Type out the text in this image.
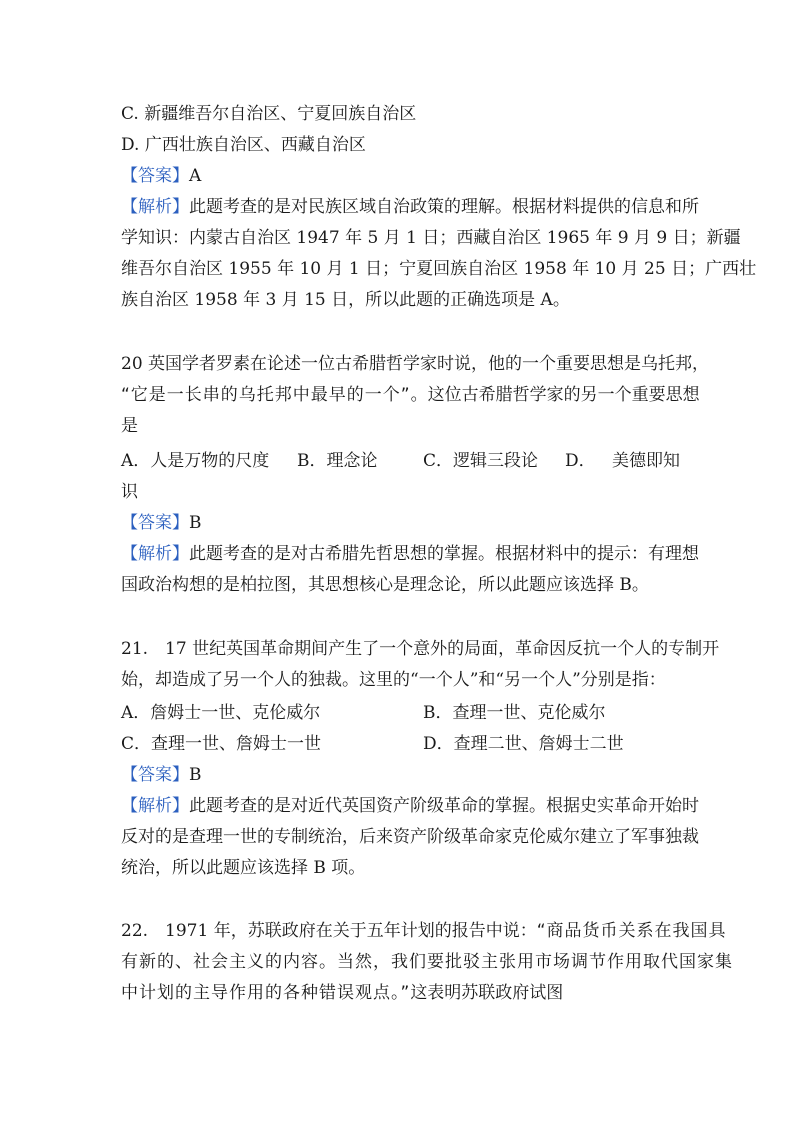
C. 新疆维吾尔自治区、宁夏回族自治区
D. 广西壮族自治区、西藏自治区
【答案】A
【解析】此题考查的是对民族区域自治政策的理解。根据材料提供的信息和所
学知识：内蒙古自治区 1947 年 5 月 1 日；西藏自治区 1965 年 9 月 9 日；新疆
维吾尔自治区 1955 年 10 月 1 日；宁夏回族自治区 1958 年 10 月 25 日；广西壮
族自治区 1958 年 3 月 15 日，所以此题的正确选项是 A。
20 英国学者罗素在论述一位古希腊哲学家时说，他的一个重要思想是乌托邦，
“它是一长串的乌托邦中最早的一个”。这位古希腊哲学家的另一个重要思想
是
A．人是万物的尺度 B．理念论	C．逻辑三段论 D． 美德即知
识
【答案】B
【解析】此题考查的是对古希腊先哲思想的掌握。根据材料中的提示：有理想
国政治构想的是柏拉图，其思想核心是理念论，所以此题应该选择 B。
21.　17 世纪英国革命期间产生了一个意外的局面，革命因反抗一个人的专制开
始，却造成了另一个人的独裁。这里的“一个人”和“另一个人”分别是指：
A．詹姆士一世、克伦威尔	B．查理一世、克伦威尔
C．查理一世、詹姆士一世	D．查理二世、詹姆士二世
【答案】B
【解析】此题考查的是对近代英国资产阶级革命的掌握。根据史实革命开始时
反对的是查理一世的专制统治，后来资产阶级革命家克伦威尔建立了军事独裁
统治，所以此题应该选择 B 项。
22.　1971 年，苏联政府在关于五年计划的报告中说：“商品货币关系在我国具
有新的、社会主义的内容。当然，我们要批驳主张用市场调节作用取代国家集
中计划的主导作用的各种错误观点。”这表明苏联政府试图
